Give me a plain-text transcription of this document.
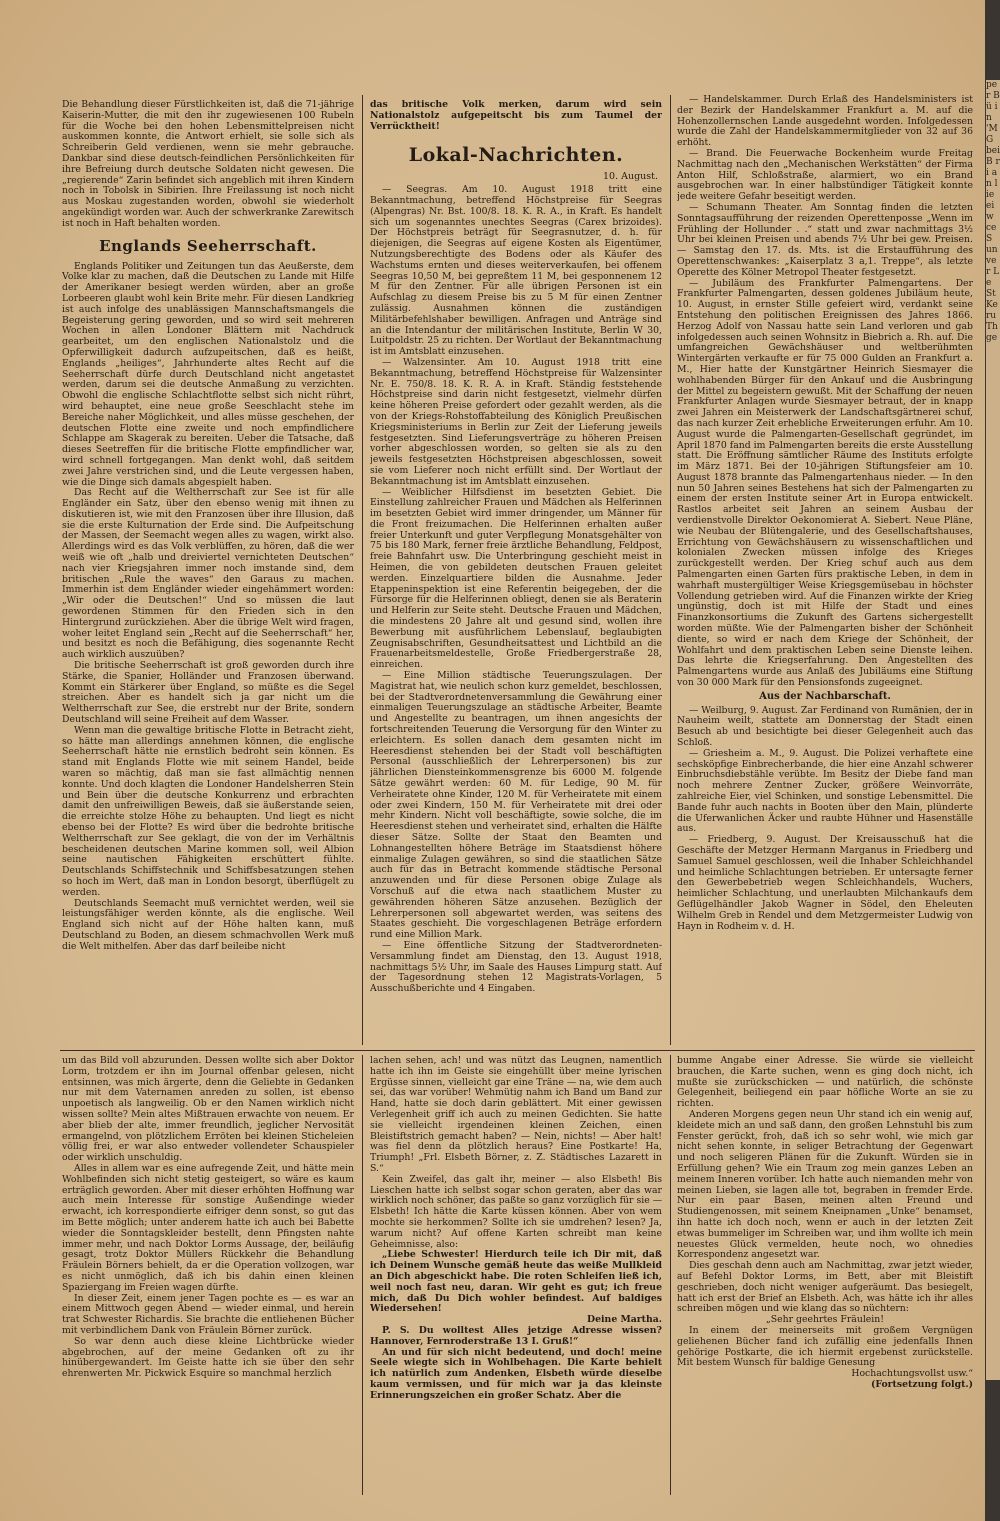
Die Behandlung dieser Fürstlichkeiten ist, daß die 71-jährige Kaiserin-Mutter, die mit den ihr zugewiesenen 100 Rubeln für die Woche bei den hohen Lebensmittelpreisen nicht auskommen konnte, die Antwort erhielt, sie solle sich als Schreiberin Geld verdienen, wenn sie mehr gebrauche. Dankbar sind diese deutsch-feindlichen Persönlichkeiten für ihre Befreiung durch deutsche Soldaten nicht gewesen. Die „regierende“ Zarin befindet sich angeblich mit ihren Kindern noch in Tobolsk in Sibirien. Ihre Freilassung ist noch nicht aus Moskau zugestanden worden, obwohl sie wiederholt angekündigt worden war. Auch der schwerkranke Zarewitsch ist noch in Haft behalten worden.

Englands Seeherrschaft.

Englands Politiker und Zeitungen tun das Aeußerste, dem Volke klar zu machen, daß die Deutschen zu Lande mit Hilfe der Amerikaner besiegt werden würden, aber an große Lorbeeren glaubt wohl kein Brite mehr. Für diesen Landkrieg ist auch infolge des unablässigen Mannschaftsmangels die Begeisterung gering geworden, und so wird seit mehreren Wochen in allen Londoner Blättern mit Nachdruck gearbeitet, um den englischen Nationalstolz und die Opferwilligkeit dadurch aufzupeitschen, daß es heißt, Englands „heiliges“, Jahrhunderte altes Recht auf die Seeherrschaft dürfe durch Deutschland nicht angetastet werden, darum sei die deutsche Anmaßung zu verzichten. Obwohl die englische Schlachtflotte selbst sich nicht rührt, wird behauptet, eine neue große Seeschlacht stehe im Bereiche naher Möglichkeit, und alles müsse geschehen, der deutschen Flotte eine zweite und noch empfindlichere Schlappe am Skagerak zu bereiten. Ueber die Tatsache, daß dieses Seetreffen für die britische Flotte empfindlicher war, wird schnell fortgegangen. Man denkt wohl, daß seitdem zwei Jahre verstrichen sind, und die Leute vergessen haben, wie die Dinge sich damals abgespielt haben.

Das Recht auf die Weltherrschaft zur See ist für alle Engländer ein Satz, über den ebenso wenig mit ihnen zu diskutieren ist, wie mit den Franzosen über ihre Illusion, daß sie die erste Kulturnation der Erde sind. Die Aufpeitschung der Massen, der Seemacht wegen alles zu wagen, wirkt also. Allerdings wird es das Volk verblüffen, zu hören, daß die wer weiß wie oft „halb und dreiviertel vernichteten Deutschen“ nach vier Kriegsjahren immer noch imstande sind, dem britischen „Rule the waves“ den Garaus zu machen. Immerhin ist dem Engländer wieder eingehämmert worden: „Wir oder die Deutschen!“ Und so müssen die laut gewordenen Stimmen für den Frieden sich in den Hintergrund zurückziehen. Aber die übrige Welt wird fragen, woher leitet England sein „Recht auf die Seeherrschaft“ her, und besitzt es noch die Befähigung, dies sogenannte Recht auch wirklich auszuüben?

Die britische Seeherrschaft ist groß geworden durch ihre Stärke, die Spanier, Holländer und Franzosen überwand. Kommt ein Stärkerer über England, so müßte es die Segel streichen. Aber es handelt sich ja gar nicht um die Weltherrschaft zur See, die erstrebt nur der Brite, sondern Deutschland will seine Freiheit auf dem Wasser.

Wenn man die gewaltige britische Flotte in Betracht zieht, so hätte man allerdings annehmen können, die englische Seeherrschaft hätte nie ernstlich bedroht sein können. Es stand mit Englands Flotte wie mit seinem Handel, beide waren so mächtig, daß man sie fast allmächtig nennen konnte. Und doch klagten die Londoner Handelsherren Stein und Bein über die deutsche Konkurrenz und erbrachten damit den unfreiwilligen Beweis, daß sie äußerstande seien, die erreichte stolze Höhe zu behaupten. Und liegt es nicht ebenso bei der Flotte? Es wird über die bedrohte britische Weltherrschaft zur See geklagt, die von der im Verhältnis bescheidenen deutschen Marine kommen soll, weil Albion seine nautischen Fähigkeiten erschüttert fühlte. Deutschlands Schiffstechnik und Schiffsbesatzungen stehen so hoch im Wert, daß man in London besorgt, überflügelt zu werden.

Deutschlands Seemacht muß vernichtet werden, weil sie leistungsfähiger werden könnte, als die englische. Weil England sich nicht auf der Höhe halten kann, muß Deutschland zu Boden, an diesem schmachvollen Werk muß die Welt mithelfen. Aber das darf beileibe nicht

das britische Volk merken, darum wird sein Nationalstolz aufgepeitscht bis zum Taumel der Verrücktheit!

Lokal-Nachrichten.
10. August.

— Seegras. Am 10. August 1918 tritt eine Bekanntmachung, betreffend Höchstpreise für Seegras (Alpengras) Nr. Bst. 100/8. 18. K. R. A., in Kraft. Es handelt sich um sogenanntes unechtes Seegras (Carex brizoides). Der Höchstpreis beträgt für Seegrasnutzer, d. h. für diejenigen, die Seegras auf eigene Kosten als Eigentümer, Nutzungsberechtigte des Bodens oder als Käufer des Wachstums ernten und dieses weiterverkaufen, bei offenem Seegras 10,50 M, bei gepreßtem 11 M, bei gesponnenem 12 M für den Zentner. Für alle übrigen Personen ist ein Aufschlag zu diesem Preise bis zu 5 M für einen Zentner zulässig. Ausnahmen können die zuständigen Militärbefehlshaber bewilligen. Anfragen und Anträge sind an die Intendantur der militärischen Institute, Berlin W 30, Luitpoldstr. 25 zu richten. Der Wortlaut der Bekanntmachung ist im Amtsblatt einzusehen.

— Walzensinter. Am 10. August 1918 tritt eine Bekanntmachung, betreffend Höchstpreise für Walzensinter Nr. E. 750/8. 18. K. R. A. in Kraft. Ständig feststehende Höchstpreise sind darin nicht festgesetzt, vielmehr dürfen keine höheren Preise gefordert oder gezahlt werden, als die von der Kriegs-Rohstoffabteilung des Königlich Preußischen Kriegsministeriums in Berlin zur Zeit der Lieferung jeweils festgesetzten. Sind Lieferungsverträge zu höheren Preisen vorher abgeschlossen worden, so gelten sie als zu den jeweils festgesetzten Höchstpreisen abgeschlossen, soweit sie vom Lieferer noch nicht erfüllt sind. Der Wortlaut der Bekanntmachung ist im Amtsblatt einzusehen.

— Weiblicher Hilfsdienst im besetzten Gebiet. Die Einstellung zahlreicher Frauen und Mädchen als Helferinnen im besetzten Gebiet wird immer dringender, um Männer für die Front freizumachen. Die Helferinnen erhalten außer freier Unterkunft und guter Verpflegung Monatsgehälter von 75 bis 180 Mark, ferner freie ärztliche Behandlung, Feldpost, freie Bahnfahrt usw. Die Unterbringung geschieht meist in Heimen, die von gebildeten deutschen Frauen geleitet werden. Einzelquartiere bilden die Ausnahme. Jeder Etappeninspektion ist eine Referentin beigegeben, der die Fürsorge für die Helferinnen obliegt, denen sie als Beraterin und Helferin zur Seite steht. Deutsche Frauen und Mädchen, die mindestens 20 Jahre alt und gesund sind, wollen ihre Bewerbung mit ausführlichem Lebenslauf, beglaubigten Zeugnisabschriften, Gesundheitsattest und Lichtbild an die Frauenarbeitsmeldestelle, Große Friedbergerstraße 28, einreichen.

— Eine Million städtische Teuerungszulagen. Der Magistrat hat, wie neulich schon kurz gemeldet, beschlossen, bei der Stadtverordnetenversammlung die Gewährung einer einmaligen Teuerungszulage an städtische Arbeiter, Beamte und Angestellte zu beantragen, um ihnen angesichts der fortschreitenden Teuerung die Versorgung für den Winter zu erleichtern. Es sollen danach dem gesamten nicht im Heeresdienst stehenden bei der Stadt voll beschäftigten Personal (ausschließlich der Lehrerpersonen) bis zur jährlichen Diensteinkommensgrenze bis 6000 M. folgende Sätze gewährt werden: 60 M. für Ledige, 90 M. für Verheiratete ohne Kinder, 120 M. für Verheiratete mit einem oder zwei Kindern, 150 M. für Verheiratete mit drei oder mehr Kindern. Nicht voll beschäftigte, sowie solche, die im Heeresdienst stehen und verheiratet sind, erhalten die Hälfte dieser Sätze. Sollte der Staat den Beamten und Lohnangestellten höhere Beträge im Staatsdienst höhere einmalige Zulagen gewähren, so sind die staatlichen Sätze auch für das in Betracht kommende städtische Personal anzuwenden und für diese Personen obige Zulage als Vorschuß auf die etwa nach staatlichem Muster zu gewährenden höheren Sätze anzusehen. Bezüglich der Lehrerpersonen soll abgewartet werden, was seitens des Staates geschieht. Die vorgeschlagenen Beträge erfordern rund eine Million Mark.

— Eine öffentliche Sitzung der Stadtverordneten-Versammlung findet am Dienstag, den 13. August 1918, nachmittags 5½ Uhr, im Saale des Hauses Limpurg statt. Auf der Tagesordnung stehen 12 Magistrats-Vorlagen, 5 Ausschußberichte und 4 Eingaben.

— Handelskammer. Durch Erlaß des Handelsministers ist der Bezirk der Handelskammer Frankfurt a. M. auf die Hohenzollernschen Lande ausgedehnt worden. Infolgedessen wurde die Zahl der Handelskammermitglieder von 32 auf 36 erhöht.

— Brand. Die Feuerwache Bockenheim wurde Freitag Nachmittag nach den „Mechanischen Werkstätten“ der Firma Anton Hilf, Schloßstraße, alarmiert, wo ein Brand ausgebrochen war. In einer halbstündiger Tätigkeit konnte jede weitere Gefahr beseitigt werden.

— Schumann Theater. Am Sonntag finden die letzten Sonntagsaufführung der reizenden Operettenposse „Wenn im Frühling der Hollunder . .“ statt und zwar nachmittags 3½ Uhr bei kleinen Preisen und abends 7½ Uhr bei gew. Preisen. — Samstag den 17. ds. Mts. ist die Erstaufführung des Operettenschwankes: „Kaiserplatz 3 a,1. Treppe“, als letzte Operette des Kölner Metropol Theater festgesetzt.

— Jubiläum des Frankfurter Palmengartens. Der Frankfurter Palmengarten, dessen goldenes Jubiläum heute, 10. August, in ernster Stille gefeiert wird, verdankt seine Entstehung den politischen Ereignissen des Jahres 1866. Herzog Adolf von Nassau hatte sein Land verloren und gab infolgedessen auch seinen Wohnsitz in Biebrich a. Rh. auf. Die umfangreichen Gewächshäuser und weltberühmten Wintergärten verkaufte er für 75 000 Gulden an Frankfurt a. M., Hier hatte der Kunstgärtner Heinrich Siesmayer die wohlhabenden Bürger für den Ankauf und die Ausbringung der Mittel zu begeistern gewußt. Mit der Schaffung der neuen Frankfurter Anlagen wurde Siesmayer betraut, der in knapp zwei Jahren ein Meisterwerk der Landschaftsgärtnerei schuf, das nach kurzer Zeit erhebliche Erweiterungen erfuhr. Am 10. August wurde die Palmengarten-Gesellschaft gegründet, im April 1870 fand im Palmengarten bereits die erste Ausstellung statt. Die Eröffnung sämtlicher Räume des Instituts erfolgte im März 1871. Bei der 10-jährigen Stiftungsfeier am 10. August 1878 brannte das Palmengartenhaus nieder. — In den nun 50 Jahren seines Bestehens hat sich der Palmengarten zu einem der ersten Institute seiner Art in Europa entwickelt. Rastlos arbeitet seit Jahren an seinem Ausbau der verdienstvolle Direktor Oekonomierat A. Siebert. Neue Pläne, wie Neubau der Blütengalerie, und des Gesellschaftshauses, Errichtung von Gewächshäusern zu wissenschaftlichen und kolonialen Zwecken müssen infolge des Krieges zurückgestellt werden. Der Krieg schuf auch aus dem Palmengarten einen Garten fürs praktische Leben, in dem in wahrhaft mustergültiger Weise Kriegsgemüsebau in höchster Vollendung getrieben wird. Auf die Finanzen wirkte der Krieg ungünstig, doch ist mit Hilfe der Stadt und eines Finanzkonsortiums die Zukunft des Gartens sichergestellt worden müßte. Wie der Palmengarten bisher der Schönheit diente, so wird er nach dem Kriege der Schönheit, der Wohlfahrt und dem praktischen Leben seine Dienste leihen. Das lehrte die Kriegserfahrung. Den Angestellten des Palmengartens wurde aus Anlaß des Jubiläums eine Stiftung von 30 000 Mark für den Pensionsfonds zugeeignet.

Aus der Nachbarschaft.

— Weilburg, 9. August. Zar Ferdinand von Rumänien, der in Nauheim weilt, stattete am Donnerstag der Stadt einen Besuch ab und besichtigte bei dieser Gelegenheit auch das Schloß.

— Griesheim a. M., 9. August. Die Polizei verhaftete eine sechsköpfige Einbrecherbande, die hier eine Anzahl schwerer Einbruchsdiebstähle verübte. Im Besitz der Diebe fand man noch mehrere Zentner Zucker, größere Weinvorräte, zahlreiche Eier, viel Schinken, und sonstige Lebensmittel. Die Bande fuhr auch nachts in Booten über den Main, plünderte die Uferwanlichen Äcker und raubte Hühner und Hasenställe aus.

— Friedberg, 9. August. Der Kreisausschuß hat die Geschäfte der Metzger Hermann Marganus in Friedberg und Samuel Samuel geschlossen, weil die Inhaber Schleichhandel und heimliche Schlachtungen betrieben. Er untersagte ferner den Gewerbebetrieb wegen Schleichhandels, Wuchers, heimlicher Schlachtung, und unerlaubten Milchankaufs dem Geflügelhändler Jakob Wagner in Södel, den Eheleuten Wilhelm Greb in Rendel und dem Metzgermeister Ludwig von Hayn in Rodheim v. d. H.

um das Bild voll abzurunden. Dessen wollte sich aber Doktor Lorm, trotzdem er ihn im Journal offenbar gelesen, nicht entsinnen, was mich ärgerte, denn die Geliebte in Gedanken nur mit dem Vaternamen anreden zu sollen, ist ebenso unpoetisch als langweilig. Ob er den Namen wirklich nicht wissen sollte? Mein altes Mißtrauen erwachte von neuem. Er aber blieb der alte, immer freundlich, jeglicher Nervosität ermangelnd, von plötzlichem Erröten bei kleinen Sticheleien völlig frei, er war also entweder vollendeter Schauspieler oder wirklich unschuldig.

Alles in allem war es eine aufregende Zeit, und hätte mein Wohlbefinden sich nicht stetig gesteigert, so wäre es kaum erträglich geworden. Aber mit dieser erhöhten Hoffnung war auch mein Interesse für sonstige Außendinge wieder erwacht, ich korrespondierte eifriger denn sonst, so gut das im Bette möglich; unter anderem hatte ich auch bei Babette wieder die Sonntagskleider bestellt, denn Pfingsten nahte immer mehr, und nach Doktor Lorms Aussage, der, beiläufig gesagt, trotz Doktor Müllers Rückkehr die Behandlung Fräulein Börners behielt, da er die Operation vollzogen, war es nicht unmöglich, daß ich bis dahin einen kleinen Spaziergang im Freien wagen dürfte.

In dieser Zeit, einem jener Tagen pochte es — es war an einem Mittwoch gegen Abend — wieder einmal, und herein trat Schwester Richardis. Sie brachte die entliehenen Bücher mit verbindlichem Dank von Fräulein Börner zurück.

So war denn auch diese kleine Lichtbrücke wieder abgebrochen, auf der meine Gedanken oft zu ihr hinübergewandert. Im Geiste hatte ich sie über den sehr ehrenwerten Mr. Pickwick Esquire so manchmal herzlich

lachen sehen, ach! und was nützt das Leugnen, namentlich hatte ich ihn im Geiste sie eingehüllt über meine lyrischen Ergüsse sinnen, vielleicht gar eine Träne — na, wie dem auch sei, das war vorüber! Wehmütig nahm ich Band um Band zur Hand, hatte sie doch darin geblättert. Mit einer gewissen Verlegenheit griff ich auch zu meinen Gedichten. Sie hatte sie vielleicht irgendeinen kleinen Zeichen, einen Bleistiftstrich gemacht haben? — Nein, nichts! — Aber halt! was fiel denn da plötzlich heraus? Eine Postkarte! Ha, Triumph! „Frl. Elsbeth Börner, z. Z. Städtisches Lazarett in S.“

Kein Zweifel, das galt ihr, meiner — also Elsbeth! Bis Lieschen hatte ich selbst sogar schon geraten, aber das war wirklich noch schöner, das paßte so ganz vorzüglich für sie — Elsbeth! Ich hätte die Karte küssen können. Aber von wem mochte sie herkommen? Sollte ich sie umdrehen? lesen? Ja, warum nicht? Auf offene Karten schreibt man keine Geheimnisse, also:

„Liebe Schwester! Hierdurch teile ich Dir mit, daß ich Deinem Wunsche gemäß heute das weiße Mullkleid an Dich abgeschickt habe. Die roten Schleifen ließ ich, weil noch fast neu, daran. Wir geht es gut; ich freue mich, daß Du Dich wohler befindest. Auf baldiges Wiedersehen!

Deine Martha.

P. S. Du wolltest Alles jetzige Adresse wissen? Hannover, Fernroderstraße 13 I. Gruß!“

An und für sich nicht bedeutend, und doch! meine Seele wiegte sich in Wohlbehagen. Die Karte behielt ich natürlich zum Andenken, Elsbeth würde dieselbe kaum vermissen, und für mich war ja das kleinste Erinnerungszeichen ein großer Schatz. Aber die

bumme Angabe einer Adresse. Sie würde sie vielleicht brauchen, die Karte suchen, wenn es ging doch nicht, ich mußte sie zurückschicken — und natürlich, die schönste Gelegenheit, beiliegend ein paar höfliche Worte an sie zu richten.

Anderen Morgens gegen neun Uhr stand ich ein wenig auf, kleidete mich an und saß dann, den großen Lehnstuhl bis zum Fenster gerückt, froh, daß ich so sehr wohl, wie mich gar nicht sehen konnte, in seliger Betrachtung der Gegenwart und noch seligeren Plänen für die Zukunft. Würden sie in Erfüllung gehen? Wie ein Traum zog mein ganzes Leben an meinem Inneren vorüber. Ich hatte auch niemanden mehr von meinen Lieben, sie lagen alle tot, begraben in fremder Erde. Nur ein paar Basen, meinen alten Freund und Studiengenossen, mit seinem Kneipnamen „Unke“ benamset, ihn hatte ich doch noch, wenn er auch in der letzten Zeit etwas bummeliger im Schreiben war, und ihm wollte ich mein neuestes Glück vermelden, heute noch, wo ohnedies Korrespondenz angesetzt war.

Dies geschah denn auch am Nachmittag, zwar jetzt wieder, auf Befehl Doktor Lorms, im Bett, aber mit Bleistift geschrieben, doch nicht weniger aufgeräumt. Das besiegelt, hatt ich erst der Brief an Elsbeth. Ach, was hätte ich ihr alles schreiben mögen und wie klang das so nüchtern:

„Sehr geehrtes Fräulein!

In einem der meinerseits mit großem Vergnügen geliehenen Bücher fand ich zufällig eine jedenfalls Ihnen gehörige Postkarte, die ich hiermit ergebenst zurückstelle. Mit bestem Wunsch für baldige Genesung

Hochachtungsvollst usw.“

(Fortsetzung folgt.)

per Bü in 'M G bei B ri an lie ei w ce S un ver Le St Ke ru Th ge
